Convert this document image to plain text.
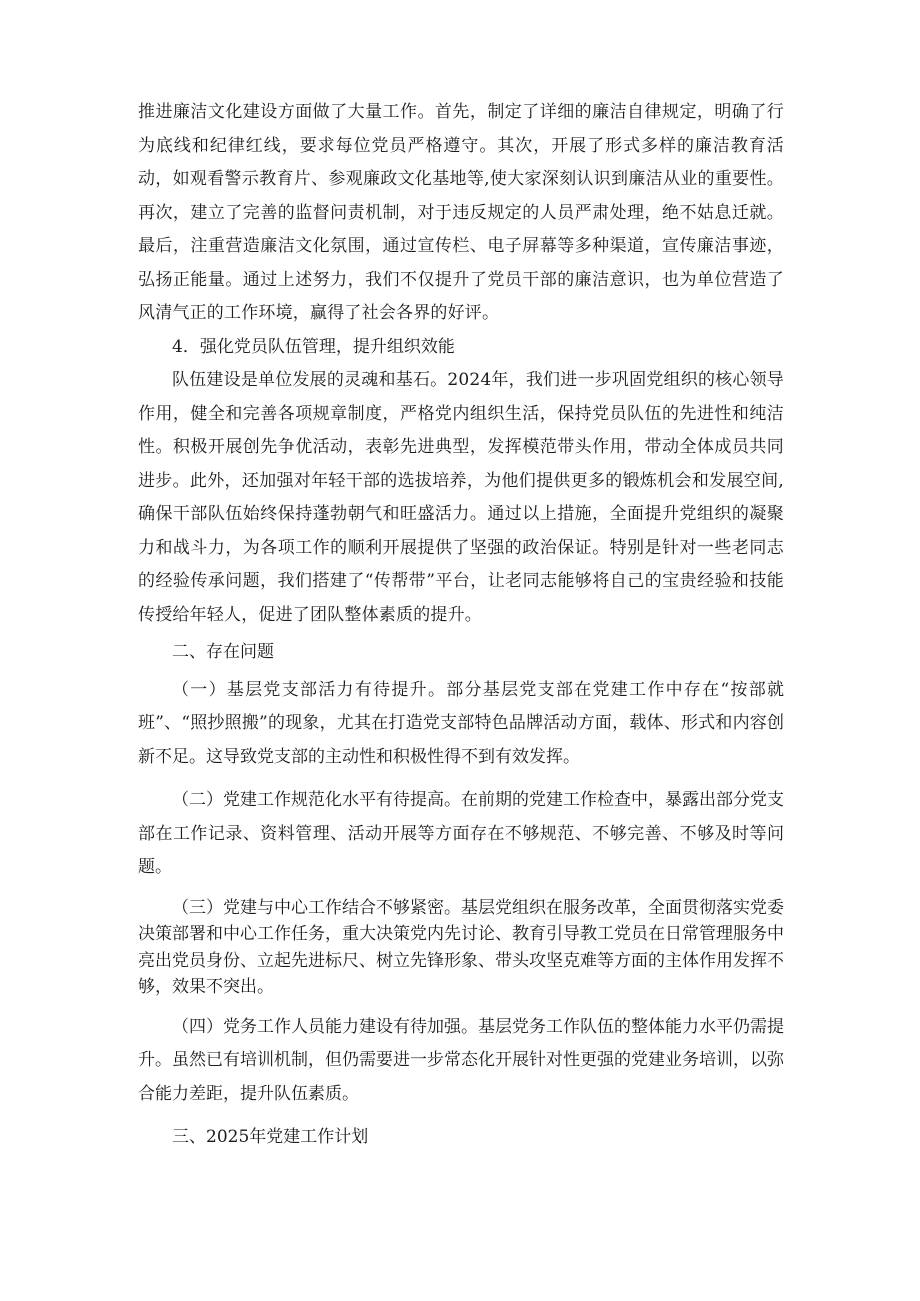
推进廉洁文化建设方面做了大量工作。首先，制定了详细的廉洁自律规定，明确了行为底线和纪律红线，要求每位党员严格遵守。其次，开展了形式多样的廉洁教育活动，如观看警示教育片、参观廉政文化基地等,使大家深刻认识到廉洁从业的重要性。再次，建立了完善的监督问责机制，对于违反规定的人员严肃处理，绝不姑息迁就。最后，注重营造廉洁文化氛围，通过宣传栏、电子屏幕等多种渠道，宣传廉洁事迹，弘扬正能量。通过上述努力，我们不仅提升了党员干部的廉洁意识，也为单位营造了风清气正的工作环境，赢得了社会各界的好评。

4．强化党员队伍管理，提升组织效能

队伍建设是单位发展的灵魂和基石。2024年，我们进一步巩固党组织的核心领导作用，健全和完善各项规章制度，严格党内组织生活，保持党员队伍的先进性和纯洁性。积极开展创先争优活动，表彰先进典型，发挥模范带头作用，带动全体成员共同进步。此外，还加强对年轻干部的选拔培养，为他们提供更多的锻炼机会和发展空间,确保干部队伍始终保持蓬勃朝气和旺盛活力。通过以上措施，全面提升党组织的凝聚力和战斗力，为各项工作的顺利开展提供了坚强的政治保证。特别是针对一些老同志的经验传承问题，我们搭建了“传帮带”平台，让老同志能够将自己的宝贵经验和技能传授给年轻人，促进了团队整体素质的提升。

二、存在问题

（一）基层党支部活力有待提升。部分基层党支部在党建工作中存在“按部就班”、“照抄照搬”的现象，尤其在打造党支部特色品牌活动方面，载体、形式和内容创新不足。这导致党支部的主动性和积极性得不到有效发挥。

（二）党建工作规范化水平有待提高。在前期的党建工作检查中，暴露出部分党支部在工作记录、资料管理、活动开展等方面存在不够规范、不够完善、不够及时等问题。

（三）党建与中心工作结合不够紧密。基层党组织在服务改革，全面贯彻落实党委决策部署和中心工作任务，重大决策党内先讨论、教育引导教工党员在日常管理服务中亮出党员身份、立起先进标尺、树立先锋形象、带头攻坚克难等方面的主体作用发挥不够，效果不突出。

（四）党务工作人员能力建设有待加强。基层党务工作队伍的整体能力水平仍需提升。虽然已有培训机制，但仍需要进一步常态化开展针对性更强的党建业务培训，以弥合能力差距，提升队伍素质。

三、2025年党建工作计划
